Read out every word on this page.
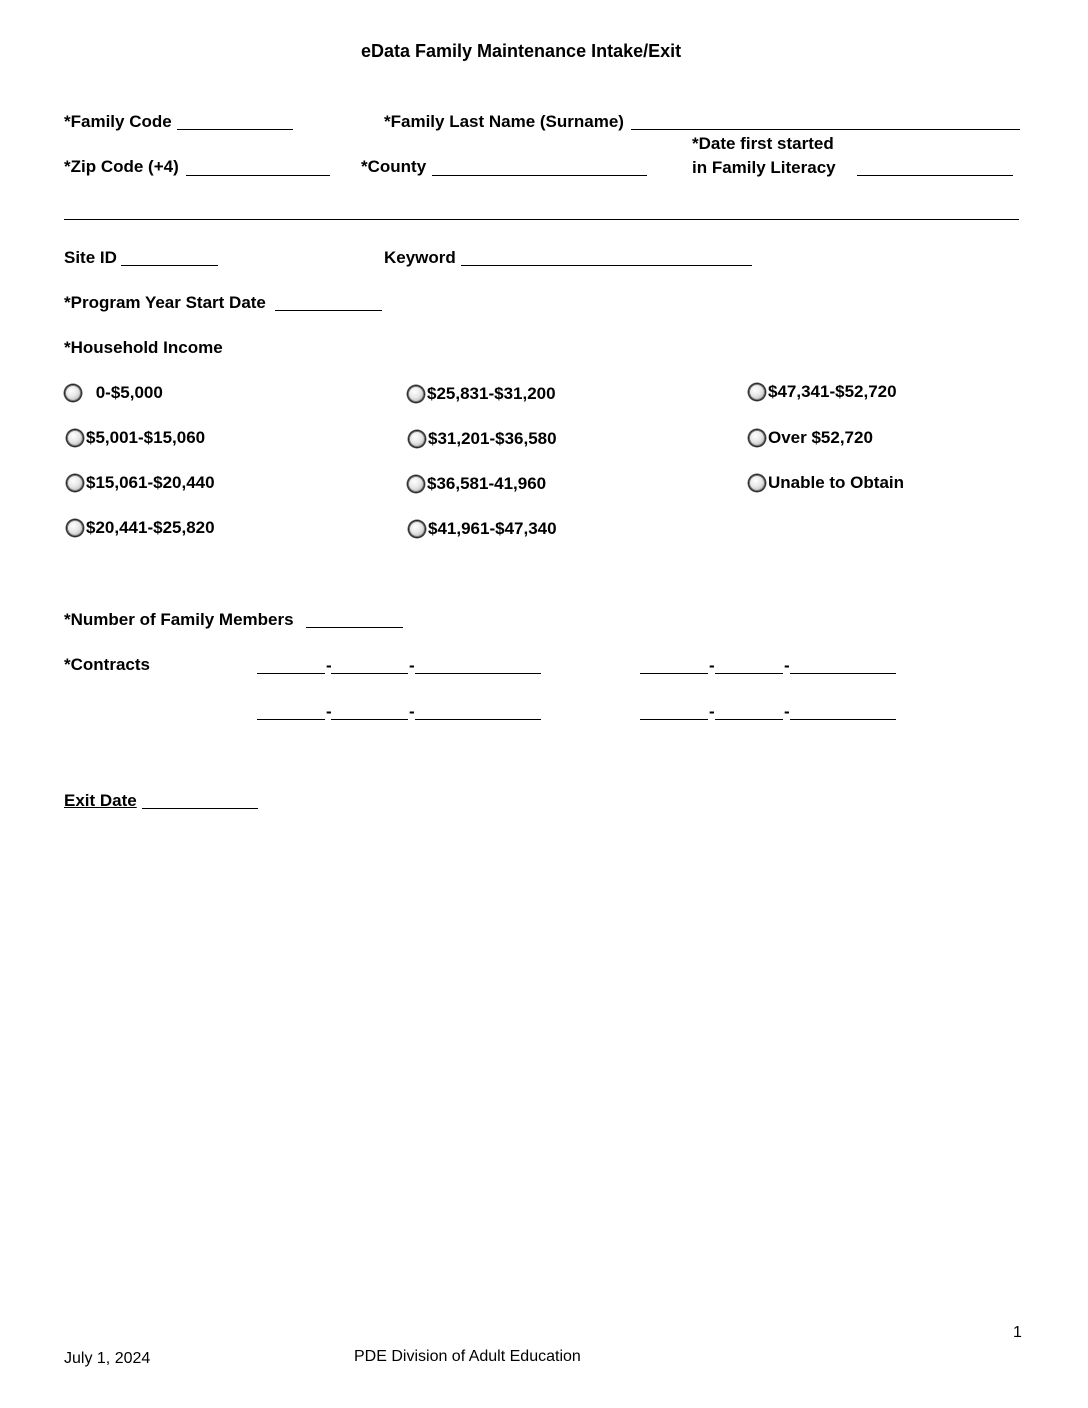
eData Family Maintenance Intake/Exit
*Family Code	*Family Last Name (Surname)
*Date first started
in Family Literacy
*Zip Code (+4)	*County
Site ID	Keyword
*Program Year Start Date
*Household Income
0-$5,000
$5,001-$15,060
$15,061-$20,440
$20,441-$25,820
$25,831-$31,200
$31,201-$36,580
$36,581-41,960
$41,961-$47,340
$47,341-$52,720
Over $52,720
Unable to Obtain
*Number of Family Members
*Contracts	-	-	-	-
-	-	-	-
Exit Date
1
July 1, 2024	PDE Division of Adult Education
